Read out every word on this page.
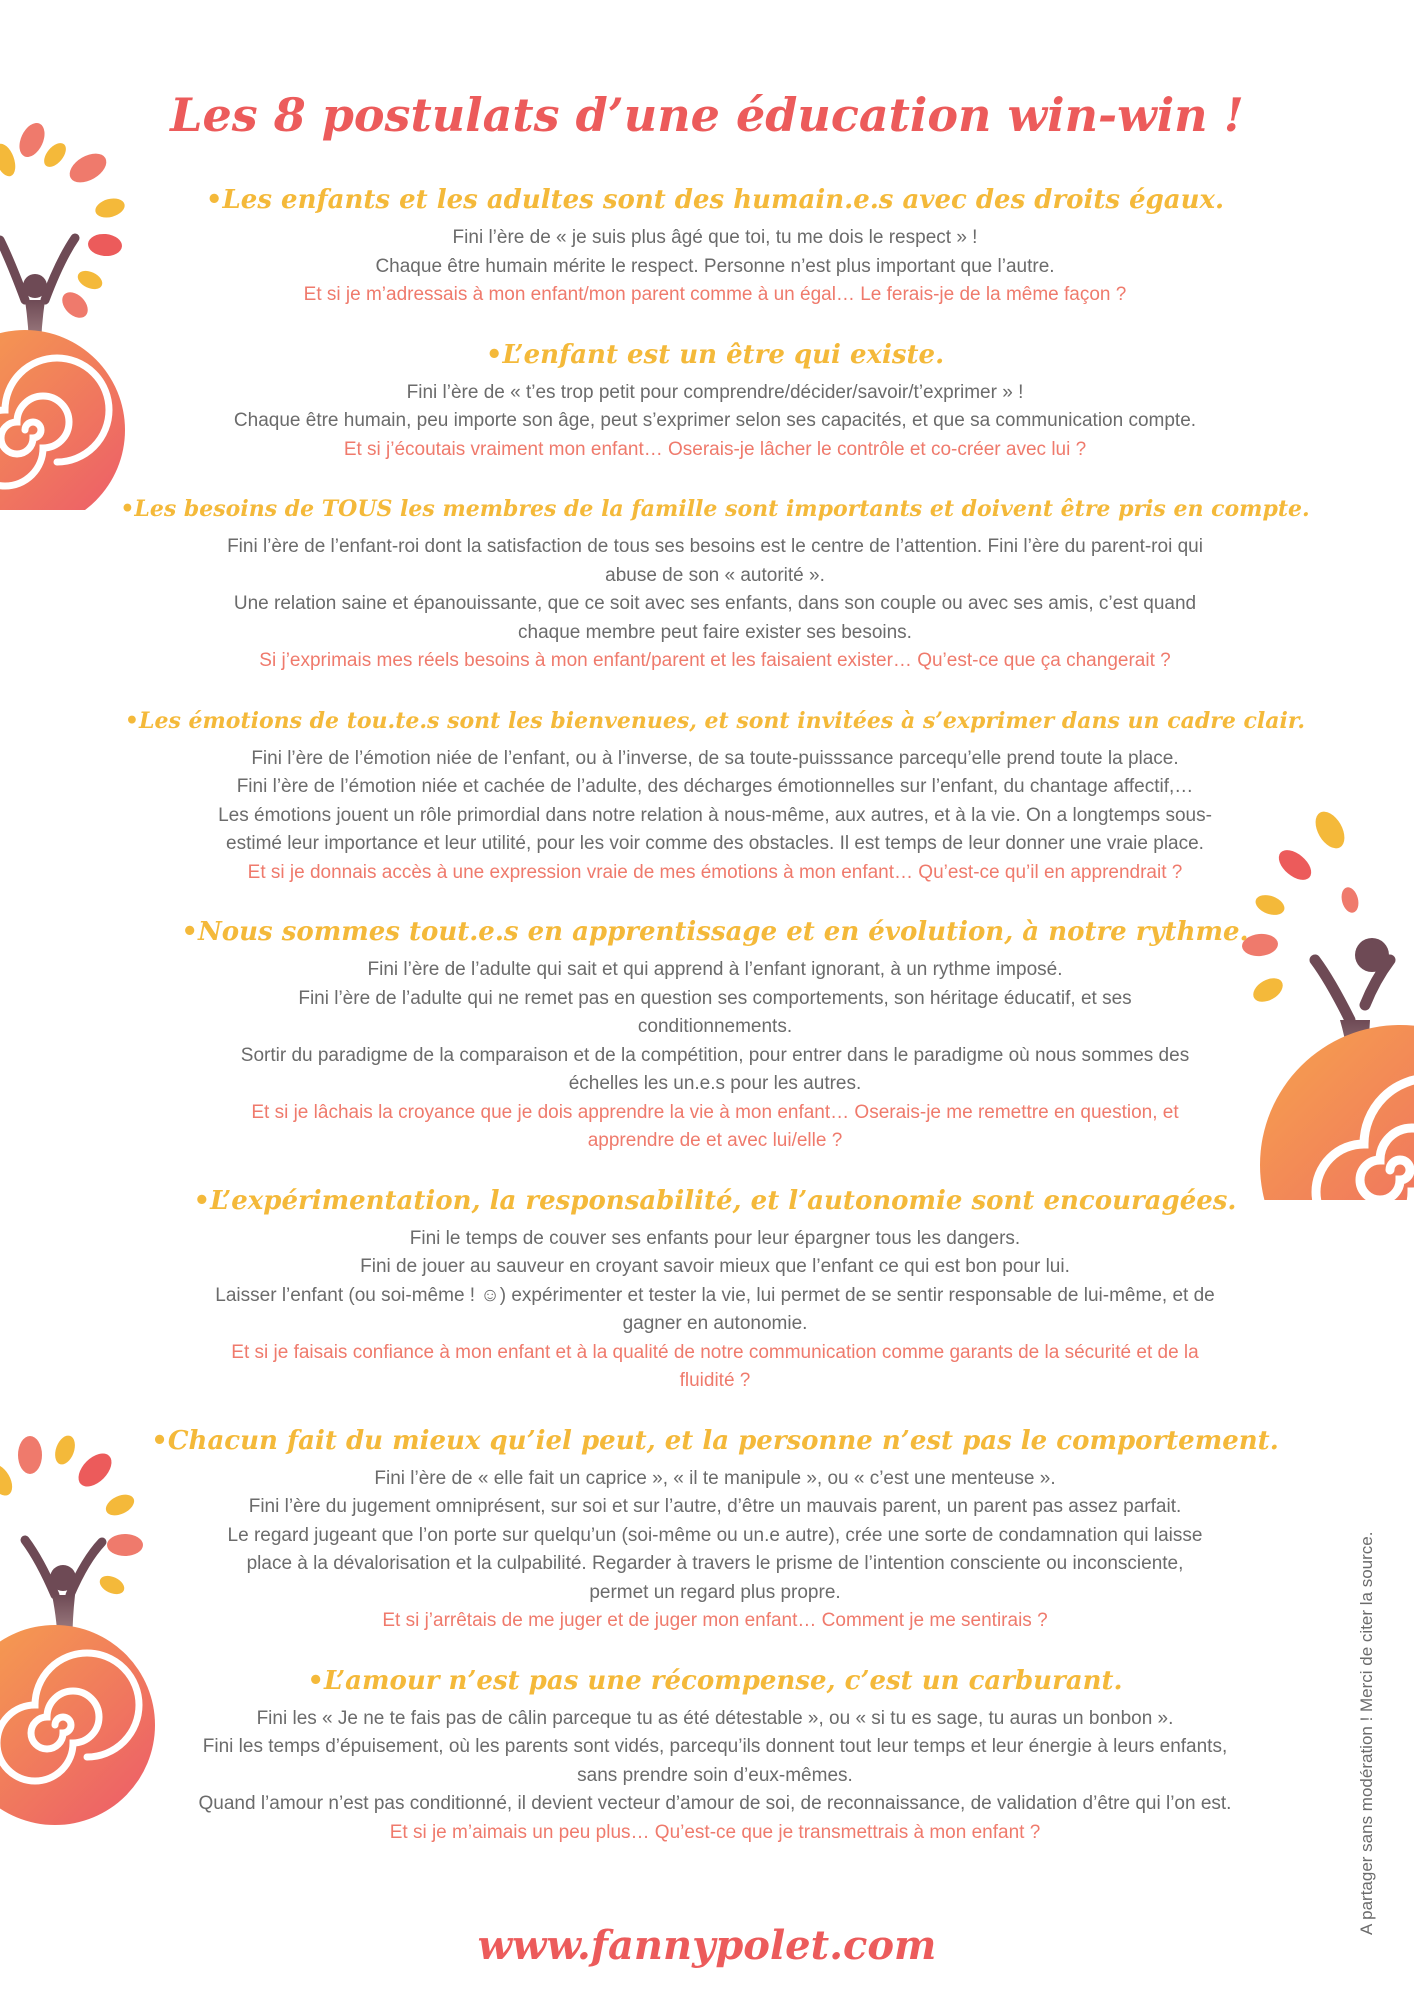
Les 8 postulats d’une éducation win-win !
•Les enfants et les adultes sont des humain.e.s avec des droits égaux.

Fini l’ère de « je suis plus âgé que toi, tu me dois le respect » !

Chaque être humain mérite le respect. Personne n’est plus important que l’autre.

Et si je m’adressais à mon enfant/mon parent comme à un égal… Le ferais-je de la même façon ?

•L’enfant est un être qui existe.

Fini l’ère de « t’es trop petit pour comprendre/décider/savoir/t’exprimer » !

Chaque être humain, peu importe son âge, peut s’exprimer selon ses capacités, et que sa communication compte.

Et si j’écoutais vraiment mon enfant… Oserais-je lâcher le contrôle et co-créer avec lui ?

•Les besoins de TOUS les membres de la famille sont importants et doivent être pris en compte.

Fini l’ère de l’enfant-roi dont la satisfaction de tous ses besoins est le centre de l’attention. Fini l’ère du parent-roi qui

abuse de son « autorité ».

Une relation saine et épanouissante, que ce soit avec ses enfants, dans son couple ou avec ses amis, c’est quand

chaque membre peut faire exister ses besoins.

Si j’exprimais mes réels besoins à mon enfant/parent et les faisaient exister… Qu’est-ce que ça changerait ?

•Les émotions de tou.te.s sont les bienvenues, et sont invitées à s’exprimer dans un cadre clair.

Fini l’ère de l’émotion niée de l’enfant, ou à l’inverse, de sa toute-puisssance parcequ’elle prend toute la place.

Fini l’ère de l’émotion niée et cachée de l’adulte, des décharges émotionnelles sur l’enfant, du chantage affectif,…

Les émotions jouent un rôle primordial dans notre relation à nous-même, aux autres, et à la vie. On a longtemps sous-

estimé leur importance et leur utilité, pour les voir comme des obstacles. Il est temps de leur donner une vraie place.

Et si je donnais accès à une expression vraie de mes émotions à mon enfant… Qu’est-ce qu’il en apprendrait ?

•Nous sommes tout.e.s en apprentissage et en évolution, à notre rythme.

Fini l’ère de l’adulte qui sait et qui apprend à l’enfant ignorant, à un rythme imposé.

Fini l’ère de l’adulte qui ne remet pas en question ses comportements, son héritage éducatif, et ses

conditionnements.

Sortir du paradigme de la comparaison et de la compétition, pour entrer dans le paradigme où nous sommes des

échelles les un.e.s pour les autres.

Et si je lâchais la croyance que je dois apprendre la vie à mon enfant… Oserais-je me remettre en question, et

apprendre de et avec lui/elle ?

•L’expérimentation, la responsabilité, et l’autonomie sont encouragées.

Fini le temps de couver ses enfants pour leur épargner tous les dangers.

Fini de jouer au sauveur en croyant savoir mieux que l’enfant ce qui est bon pour lui.

Laisser l’enfant (ou soi-même ! ☺) expérimenter et tester la vie, lui permet de se sentir responsable de lui-même, et de

gagner en autonomie.

Et si je faisais confiance à mon enfant et à la qualité de notre communication comme garants de la sécurité et de la

fluidité ?

•Chacun fait du mieux qu’iel peut, et la personne n’est pas le comportement.

Fini l’ère de « elle fait un caprice », « il te manipule », ou « c’est une menteuse ».

Fini l’ère du jugement omniprésent, sur soi et sur l’autre, d’être un mauvais parent, un parent pas assez parfait.

Le regard jugeant que l’on porte sur quelqu’un (soi-même ou un.e autre), crée une sorte de condamnation qui laisse

place à la dévalorisation et la culpabilité. Regarder à travers le prisme de l’intention consciente ou inconsciente,

permet un regard plus propre.

Et si j’arrêtais de me juger et de juger mon enfant… Comment je me sentirais ?

•L’amour n’est pas une récompense, c’est un carburant.

Fini les « Je ne te fais pas de câlin parceque tu as été détestable », ou « si tu es sage, tu auras un bonbon ».

Fini les temps d’épuisement, où les parents sont vidés, parcequ’ils donnent tout leur temps et leur énergie à leurs enfants,

sans prendre soin d’eux-mêmes.

Quand l’amour n’est pas conditionné, il devient vecteur d’amour de soi, de reconnaissance, de validation d’être qui l’on est.

Et si je m’aimais un peu plus… Qu’est-ce que je transmettrais à mon enfant ?

www.fannypolet.com

A partager sans modération ! Merci de citer la source.
